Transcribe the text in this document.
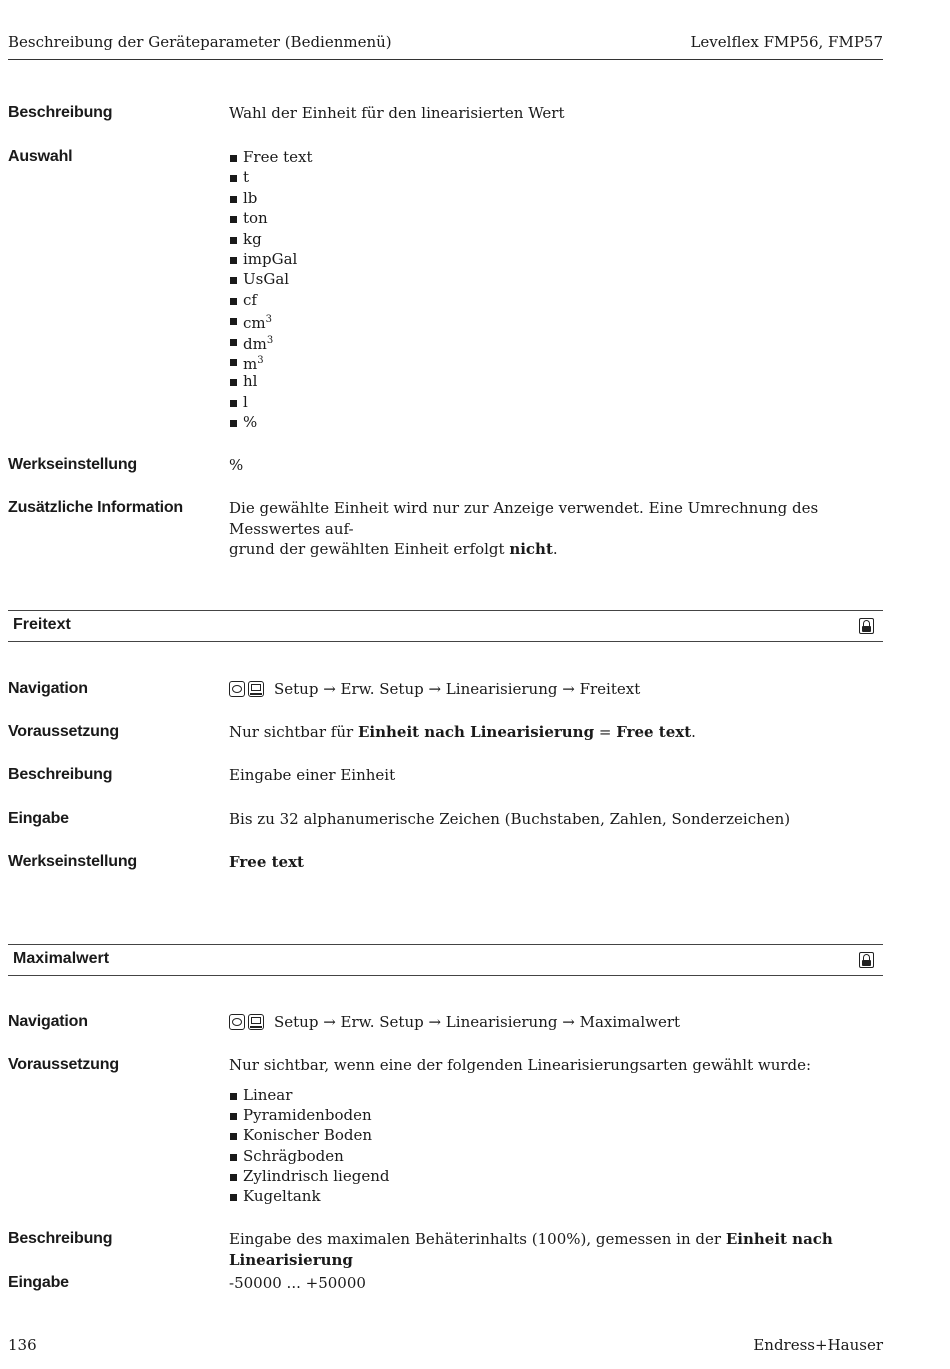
Beschreibung der Geräteparameter (Bedienmenü)	Levelflex FMP56, FMP57
Beschreibung	Wahl der Einheit für den linearisierten Wert
Auswahl	Free text
t
lb
ton
kg
impGal
UsGal
cf
$cm^3$
$dm^3$
$m^3$
hl
l
%
Werkseinstellung	%
Zusätzliche Information	Die gewählte Einheit wird nur zur Anzeige verwendet. Eine Umrechnung des Messwertes auf-
grund der gewählten Einheit erfolgt nicht.
Freitext
Navigation	Setup → Erw. Setup → Linearisierung → Freitext
Voraussetzung	Nur sichtbar für Einheit nach Linearisierung = Free text.
Beschreibung	Eingabe einer Einheit
Eingabe	Bis zu 32 alphanumerische Zeichen (Buchstaben, Zahlen, Sonderzeichen)
Werkseinstellung	Free text
Maximalwert
Navigation	Setup → Erw. Setup → Linearisierung → Maximalwert
Voraussetzung	Nur sichtbar, wenn eine der folgenden Linearisierungsarten gewählt wurde:
Linear
Pyramidenboden
Konischer Boden
Schrägboden
Zylindrisch liegend
Kugeltank
Beschreibung	Eingabe des maximalen Behäterinhalts (100%), gemessen in der Einheit nach Linearisierung
Eingabe	-50000 ... +50000
136	Endress+Hauser
